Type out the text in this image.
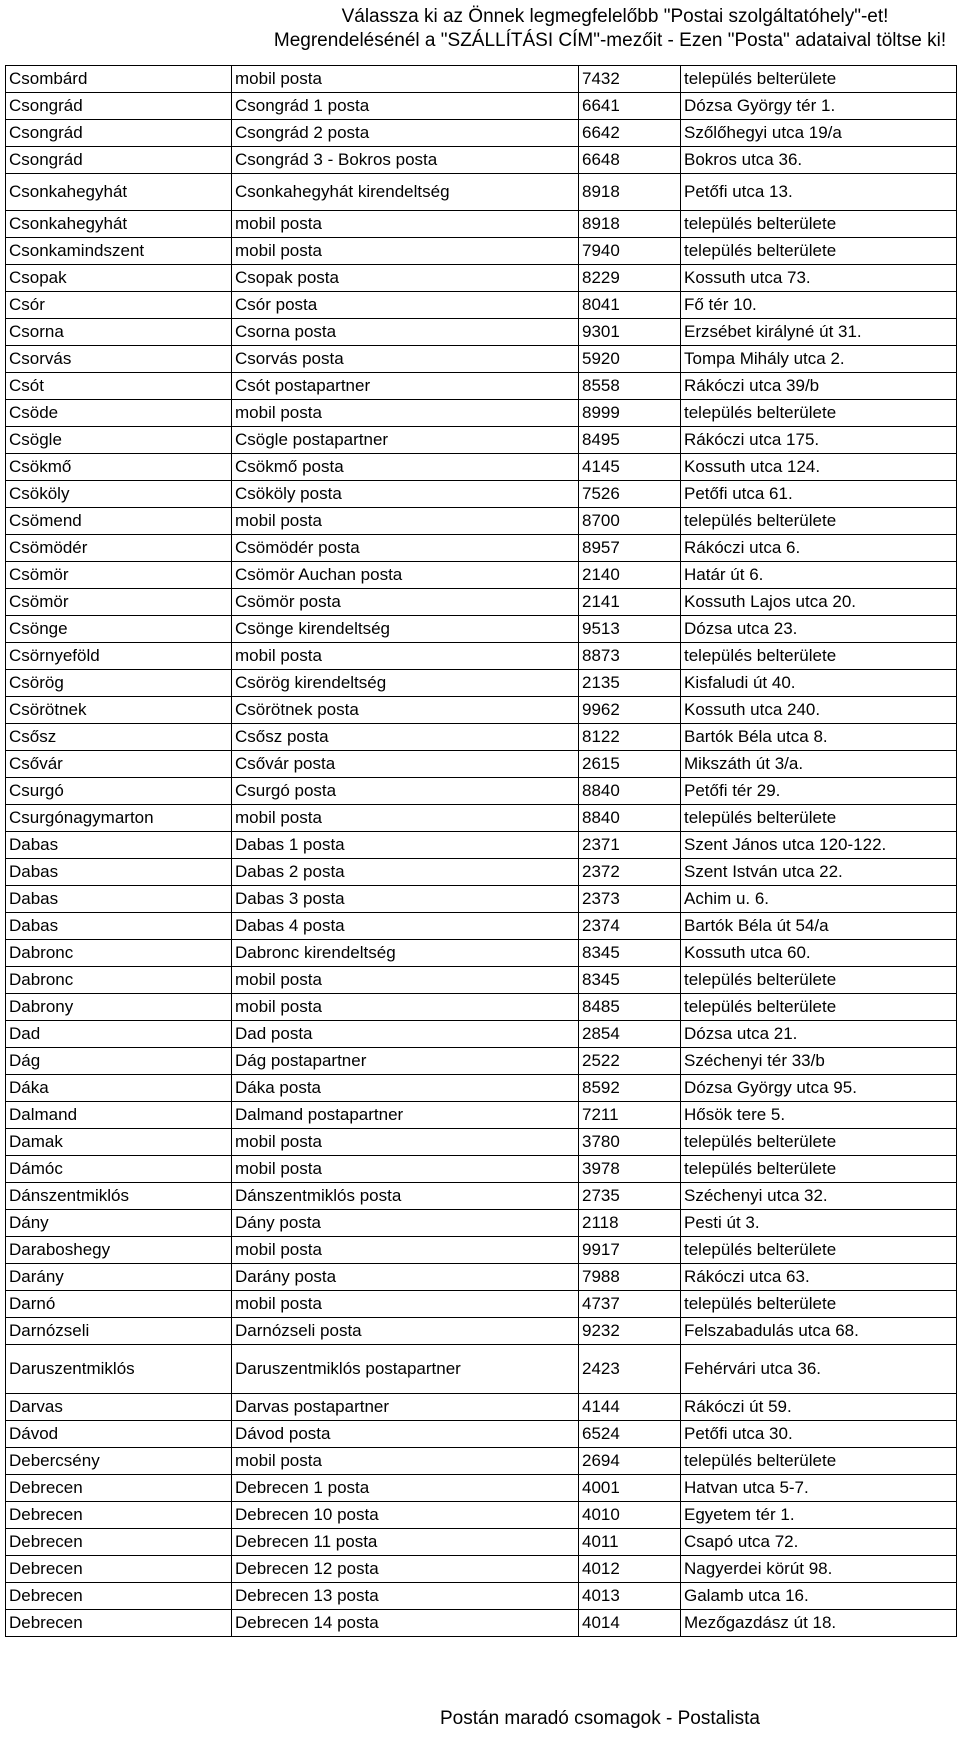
Válassza ki az Önnek legmegfelelőbb "Postai szolgáltatóhely"-et!
Megrendelésénél a "SZÁLLÍTÁSI CÍM"-mezőit - Ezen "Posta" adataival töltse ki!
Csombárd	mobil posta	7432	település belterülete
Csongrád	Csongrád 1 posta	6641	Dózsa György tér 1.
Csongrád	Csongrád 2 posta	6642	Szőlőhegyi utca 19/a
Csongrád	Csongrád 3 - Bokros posta	6648	Bokros utca 36.
Csonkahegyhát	Csonkahegyhát kirendeltség	8918	Petőfi utca 13.
Csonkahegyhát	mobil posta	8918	település belterülete
Csonkamindszent	mobil posta	7940	település belterülete
Csopak	Csopak posta	8229	Kossuth utca 73.
Csór	Csór posta	8041	Fő tér 10.
Csorna	Csorna posta	9301	Erzsébet királyné út 31.
Csorvás	Csorvás posta	5920	Tompa Mihály utca 2.
Csót	Csót postapartner	8558	Rákóczi utca 39/b
Csöde	mobil posta	8999	település belterülete
Csögle	Csögle postapartner	8495	Rákóczi utca 175.
Csökmő	Csökmő posta	4145	Kossuth utca 124.
Csököly	Csököly posta	7526	Petőfi utca 61.
Csömend	mobil posta	8700	település belterülete
Csömödér	Csömödér posta	8957	Rákóczi utca 6.
Csömör	Csömör Auchan posta	2140	Határ út 6.
Csömör	Csömör posta	2141	Kossuth Lajos utca 20.
Csönge	Csönge kirendeltség	9513	Dózsa utca 23.
Csörnyeföld	mobil posta	8873	település belterülete
Csörög	Csörög kirendeltség	2135	Kisfaludi út 40.
Csörötnek	Csörötnek posta	9962	Kossuth utca 240.
Csősz	Csősz posta	8122	Bartók Béla utca 8.
Csővár	Csővár posta	2615	Mikszáth út 3/a.
Csurgó	Csurgó posta	8840	Petőfi tér 29.
Csurgónagymarton	mobil posta	8840	település belterülete
Dabas	Dabas 1 posta	2371	Szent János utca 120-122.
Dabas	Dabas 2 posta	2372	Szent István utca 22.
Dabas	Dabas 3 posta	2373	Achim u. 6.
Dabas	Dabas 4 posta	2374	Bartók Béla út 54/a
Dabronc	Dabronc kirendeltség	8345	Kossuth utca 60.
Dabronc	mobil posta	8345	település belterülete
Dabrony	mobil posta	8485	település belterülete
Dad	Dad posta	2854	Dózsa utca 21.
Dág	Dág postapartner	2522	Széchenyi tér 33/b
Dáka	Dáka posta	8592	Dózsa György utca 95.
Dalmand	Dalmand postapartner	7211	Hősök tere 5.
Damak	mobil posta	3780	település belterülete
Dámóc	mobil posta	3978	település belterülete
Dánszentmiklós	Dánszentmiklós posta	2735	Széchenyi utca 32.
Dány	Dány posta	2118	Pesti út 3.
Daraboshegy	mobil posta	9917	település belterülete
Darány	Darány posta	7988	Rákóczi utca 63.
Darnó	mobil posta	4737	település belterülete
Darnózseli	Darnózseli posta	9232	Felszabadulás utca 68.
Daruszentmiklós	Daruszentmiklós postapartner	2423	Fehérvári utca 36.
Darvas	Darvas postapartner	4144	Rákóczi út 59.
Dávod	Dávod posta	6524	Petőfi utca 30.
Debercsény	mobil posta	2694	település belterülete
Debrecen	Debrecen 1 posta	4001	Hatvan utca 5-7.
Debrecen	Debrecen 10 posta	4010	Egyetem tér 1.
Debrecen	Debrecen 11 posta	4011	Csapó utca 72.
Debrecen	Debrecen 12 posta	4012	Nagyerdei körút 98.
Debrecen	Debrecen 13 posta	4013	Galamb utca 16.
Debrecen	Debrecen 14 posta	4014	Mezőgazdász út 18.
Postán maradó csomagok - Postalista
